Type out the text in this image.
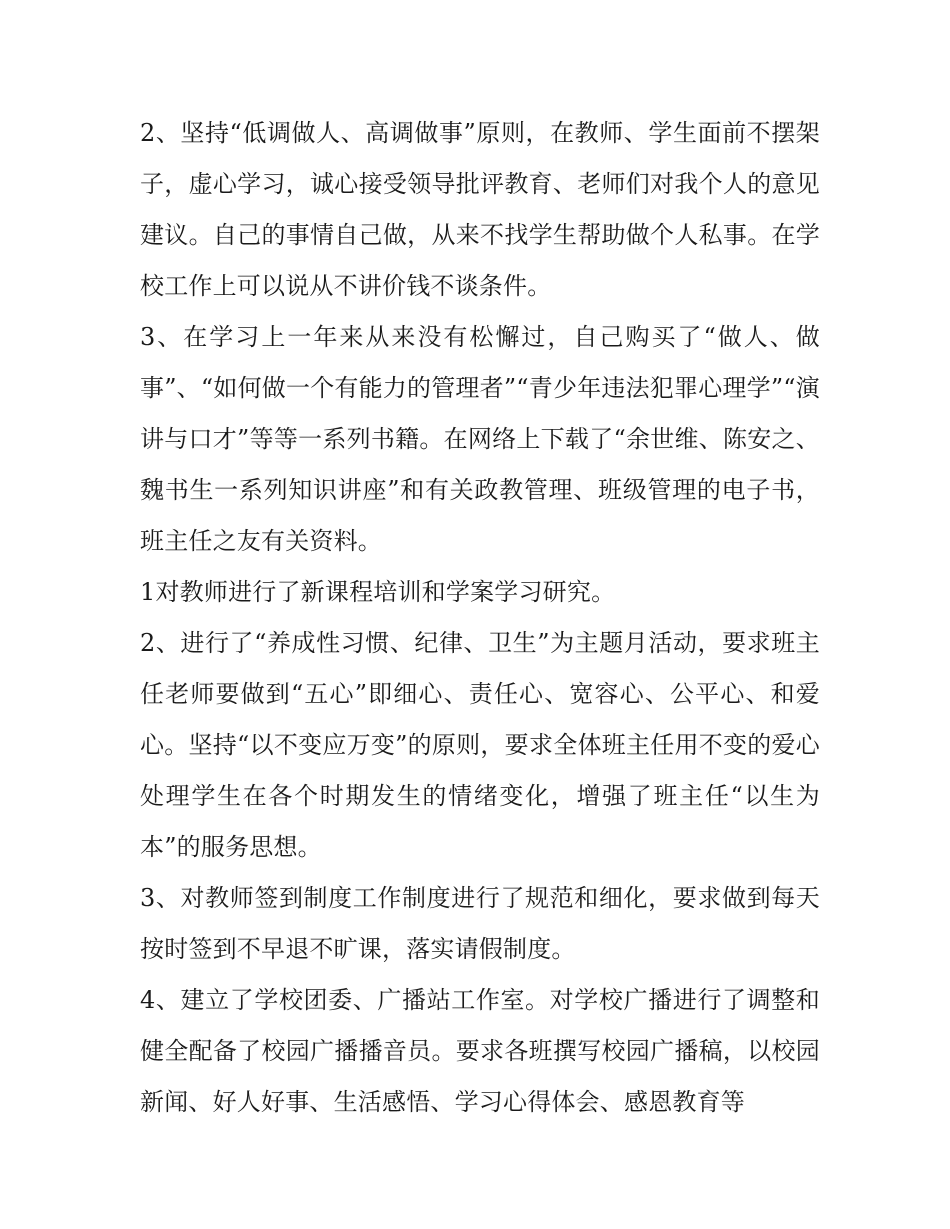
2、坚持“低调做人、高调做事”原则，在教师、学生面前不摆架子，虚心学习，诚心接受领导批评教育、老师们对我个人的意见建议。自己的事情自己做，从来不找学生帮助做个人私事。在学校工作上可以说从不讲价钱不谈条件。

3、在学习上一年来从来没有松懈过，自己购买了“做人、做事”、“如何做一个有能力的管理者”“青少年违法犯罪心理学”“演讲与口才”等等一系列书籍。在网络上下载了“余世维、陈安之、魏书生一系列知识讲座”和有关政教管理、班级管理的电子书，班主任之友有关资料。

1对教师进行了新课程培训和学案学习研究。

2、进行了“养成性习惯、纪律、卫生”为主题月活动，要求班主任老师要做到“五心”即细心、责任心、宽容心、公平心、和爱心。坚持“以不变应万变”的原则，要求全体班主任用不变的爱心处理学生在各个时期发生的情绪变化，增强了班主任“以生为本”的服务思想。

3、对教师签到制度工作制度进行了规范和细化，要求做到每天按时签到不早退不旷课，落实请假制度。

4、建立了学校团委、广播站工作室。对学校广播进行了调整和健全配备了校园广播播音员。要求各班撰写校园广播稿，以校园新闻、好人好事、生活感悟、学习心得体会、感恩教育等
